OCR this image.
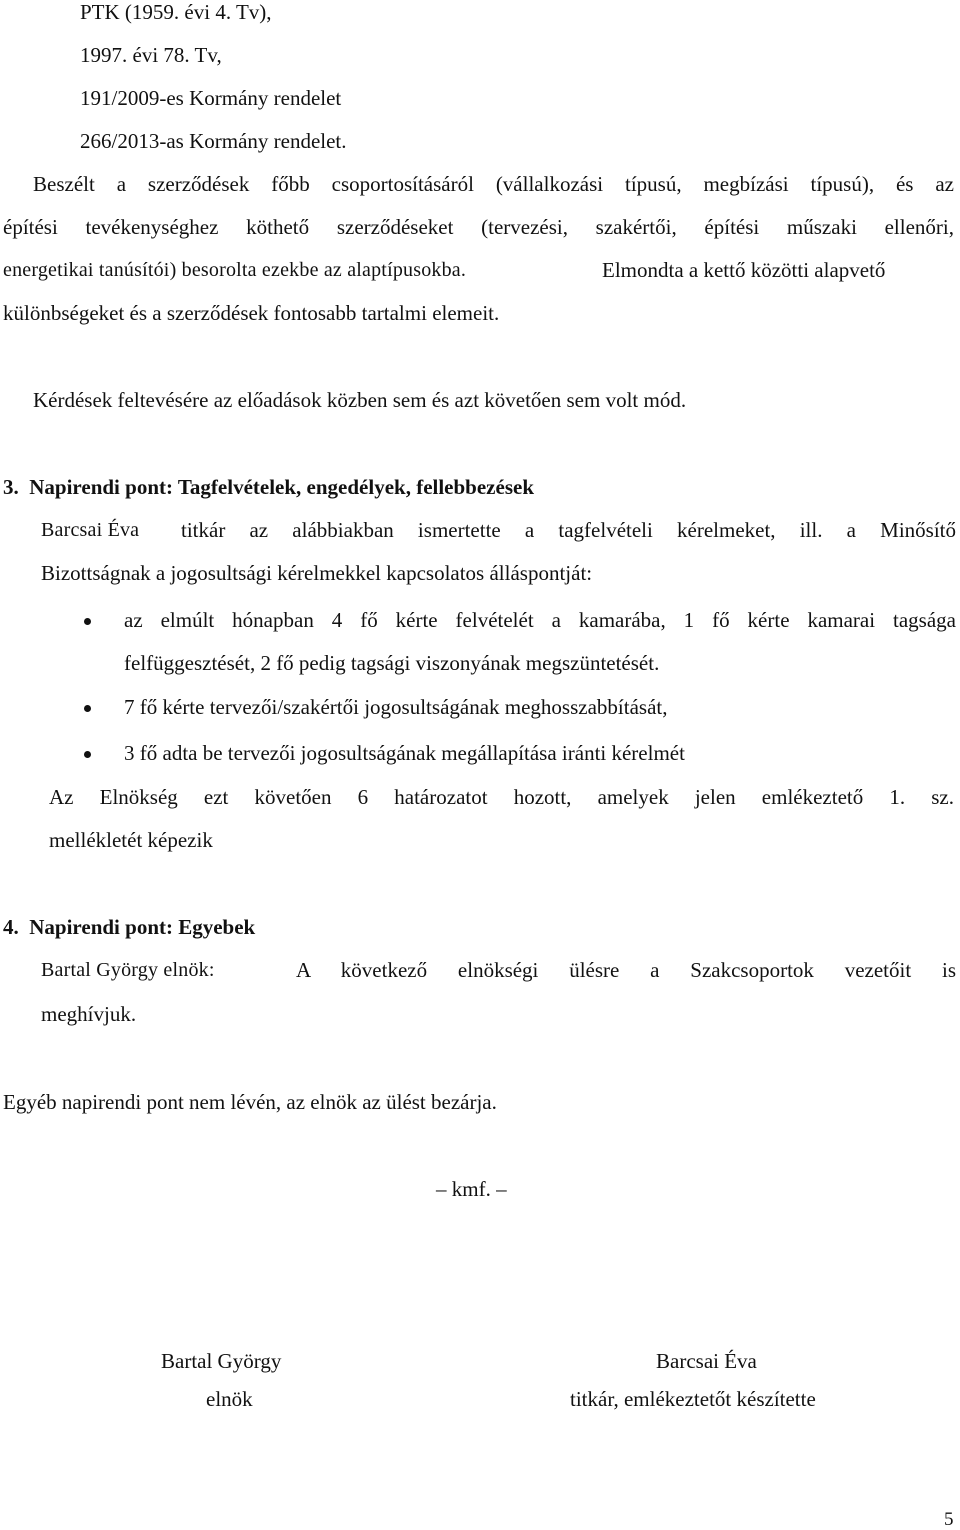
PTK (1959. évi 4. Tv),
1997. évi 78. Tv,
191/2009-es Kormány rendelet
266/2013-as Kormány rendelet.
Beszélt a szerződések főbb csoportosításáról (vállalkozási típusú, megbízási típusú), és az
építési tevékenységhez köthető szerződéseket (tervezési, szakértői, építési műszaki ellenőri,
energetikai tanúsítói) besorolta ezekbe az alaptípusokba.	Elmondta a kettő közötti alapvető
különbségeket és a szerződések fontosabb tartalmi elemeit.
Kérdések feltevésére az előadások közben sem és azt követően sem volt mód.
3.  Napirendi pont: Tagfelvételek, engedélyek, fellebbezések
Barcsai Éva titkár az alábbiakban ismertette a tagfelvételi kérelmeket, ill. a Minősítő
Bizottságnak a jogosultsági kérelmekkel kapcsolatos álláspontját:
az elmúlt hónapban 4 fő kérte felvételét a kamarába, 1 fő kérte kamarai tagsága
felfüggesztését, 2 fő pedig tagsági viszonyának megszüntetését.
7 fő kérte tervezői/szakértői jogosultságának meghosszabbítását,
3 fő adta be tervezői jogosultságának megállapítása iránti kérelmét
Az Elnökség ezt követően 6 határozatot hozott, amelyek jelen emlékeztető 1. sz.
mellékletét képezik
4.  Napirendi pont: Egyebek
Bartal György elnök:	A következő elnökségi ülésre a Szakcsoportok vezetőit is
meghívjuk.
Egyéb napirendi pont nem lévén, az elnök az ülést bezárja.
– kmf. –
Bartal György
elnök
Barcsai Éva
titkár, emlékeztetőt készítette
5
